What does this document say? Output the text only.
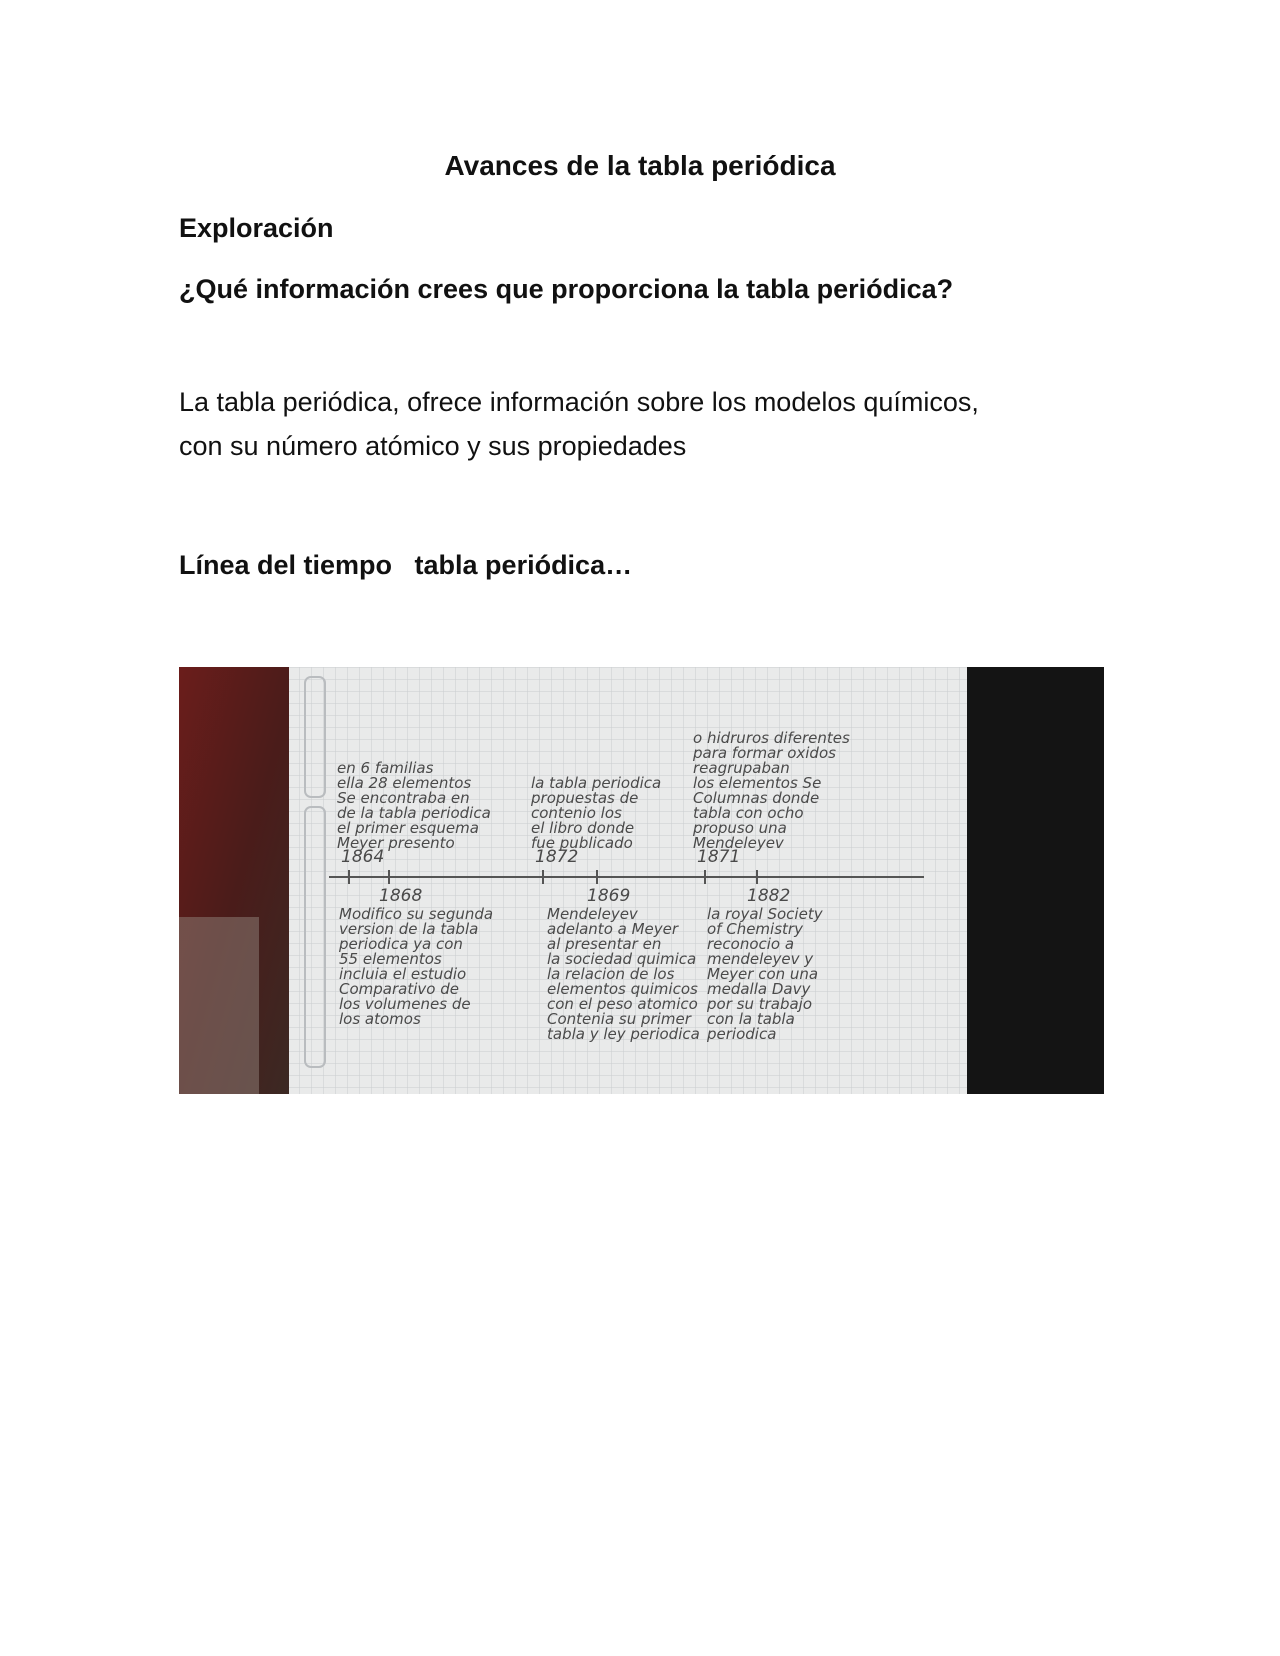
Avances de la tabla periódica
Exploración
¿Qué información crees que proporciona la tabla periódica?
La tabla periódica, ofrece información sobre los modelos químicos,
con su número atómico y sus propiedades
Línea del tiempo   tabla periódica…
en 6 familias
ella 28 elementos
Se encontraba en
de la tabla periodica
el primer esquema
Meyer presento
1864
la tabla periodica
propuestas de
contenio los
el libro donde
fue publicado
1872
o hidruros diferentes
para formar oxidos
reagrupaban
los elementos Se
Columnas donde
tabla con ocho
propuso una
Mendeleyev
1871
1868
Modifico su segunda
version de la tabla
periodica ya con
55 elementos
incluia el estudio
Comparativo de
los volumenes de
los atomos
1869
Mendeleyev
adelanto a Meyer
al presentar en
la sociedad quimica
la relacion de los
elementos quimicos
con el peso atomico
Contenia su primer
tabla y ley periodica
1882
la royal Society
of Chemistry
reconocio a
mendeleyev y
Meyer con una
medalla Davy
por su trabajo
con la tabla
periodica
